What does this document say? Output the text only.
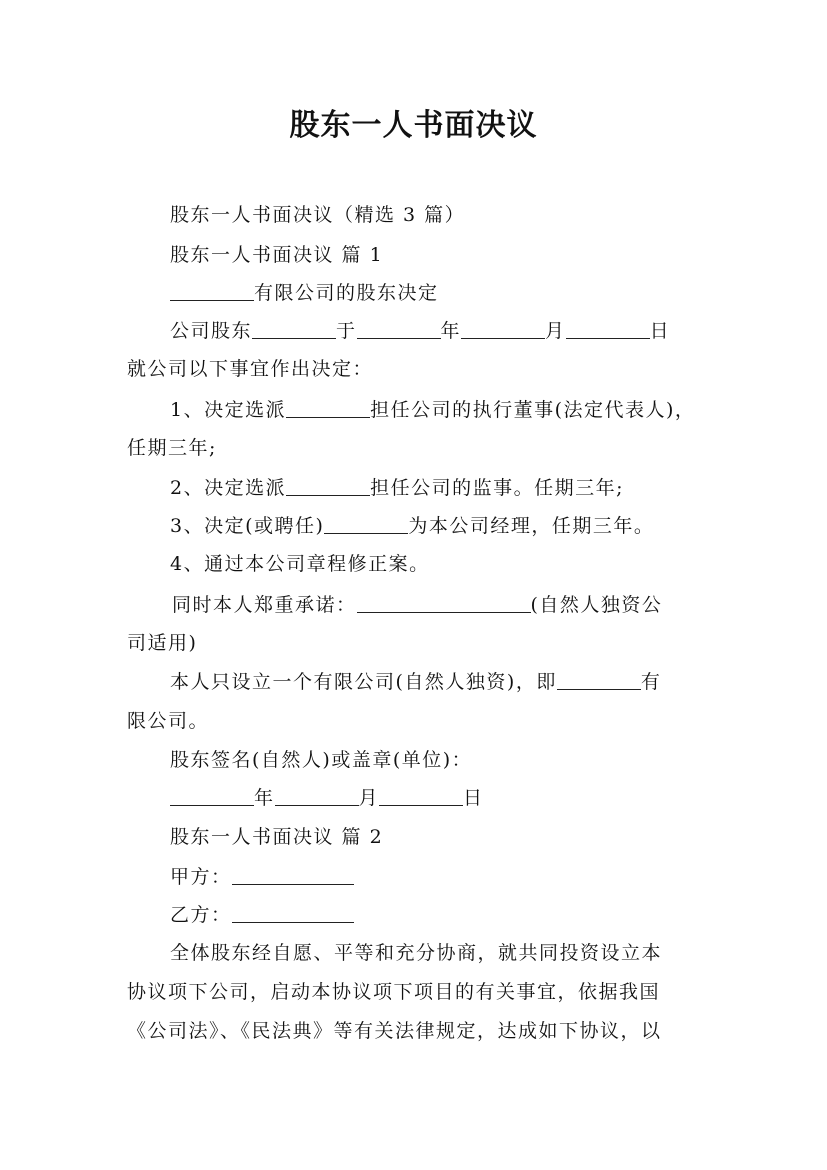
股东一人书面决议
股东一人书面决议（精选 3 篇）
股东一人书面决议 篇 1
有限公司的股东决定
公司股东	于	年	月	日
就公司以下事宜作出决定：
1、决定选派	担任公司的执行董事(法定代表人)，
任期三年;
2、决定选派	担任公司的监事。任期三年;
3、决定(或聘任)	为本公司经理，任期三年。
4、通过本公司章程修正案。
同时本人郑重承诺：	(自然人独资公
司适用)
本人只设立一个有限公司(自然人独资)，即	有
限公司。
股东签名(自然人)或盖章(单位)：
年	月	日
股东一人书面决议 篇 2
甲方：
乙方：
全体股东经自愿、平等和充分协商，就共同投资设立本
协议项下公司，启动本协议项下项目的有关事宜，依据我国
《公司法》、《民法典》等有关法律规定，达成如下协议，以
